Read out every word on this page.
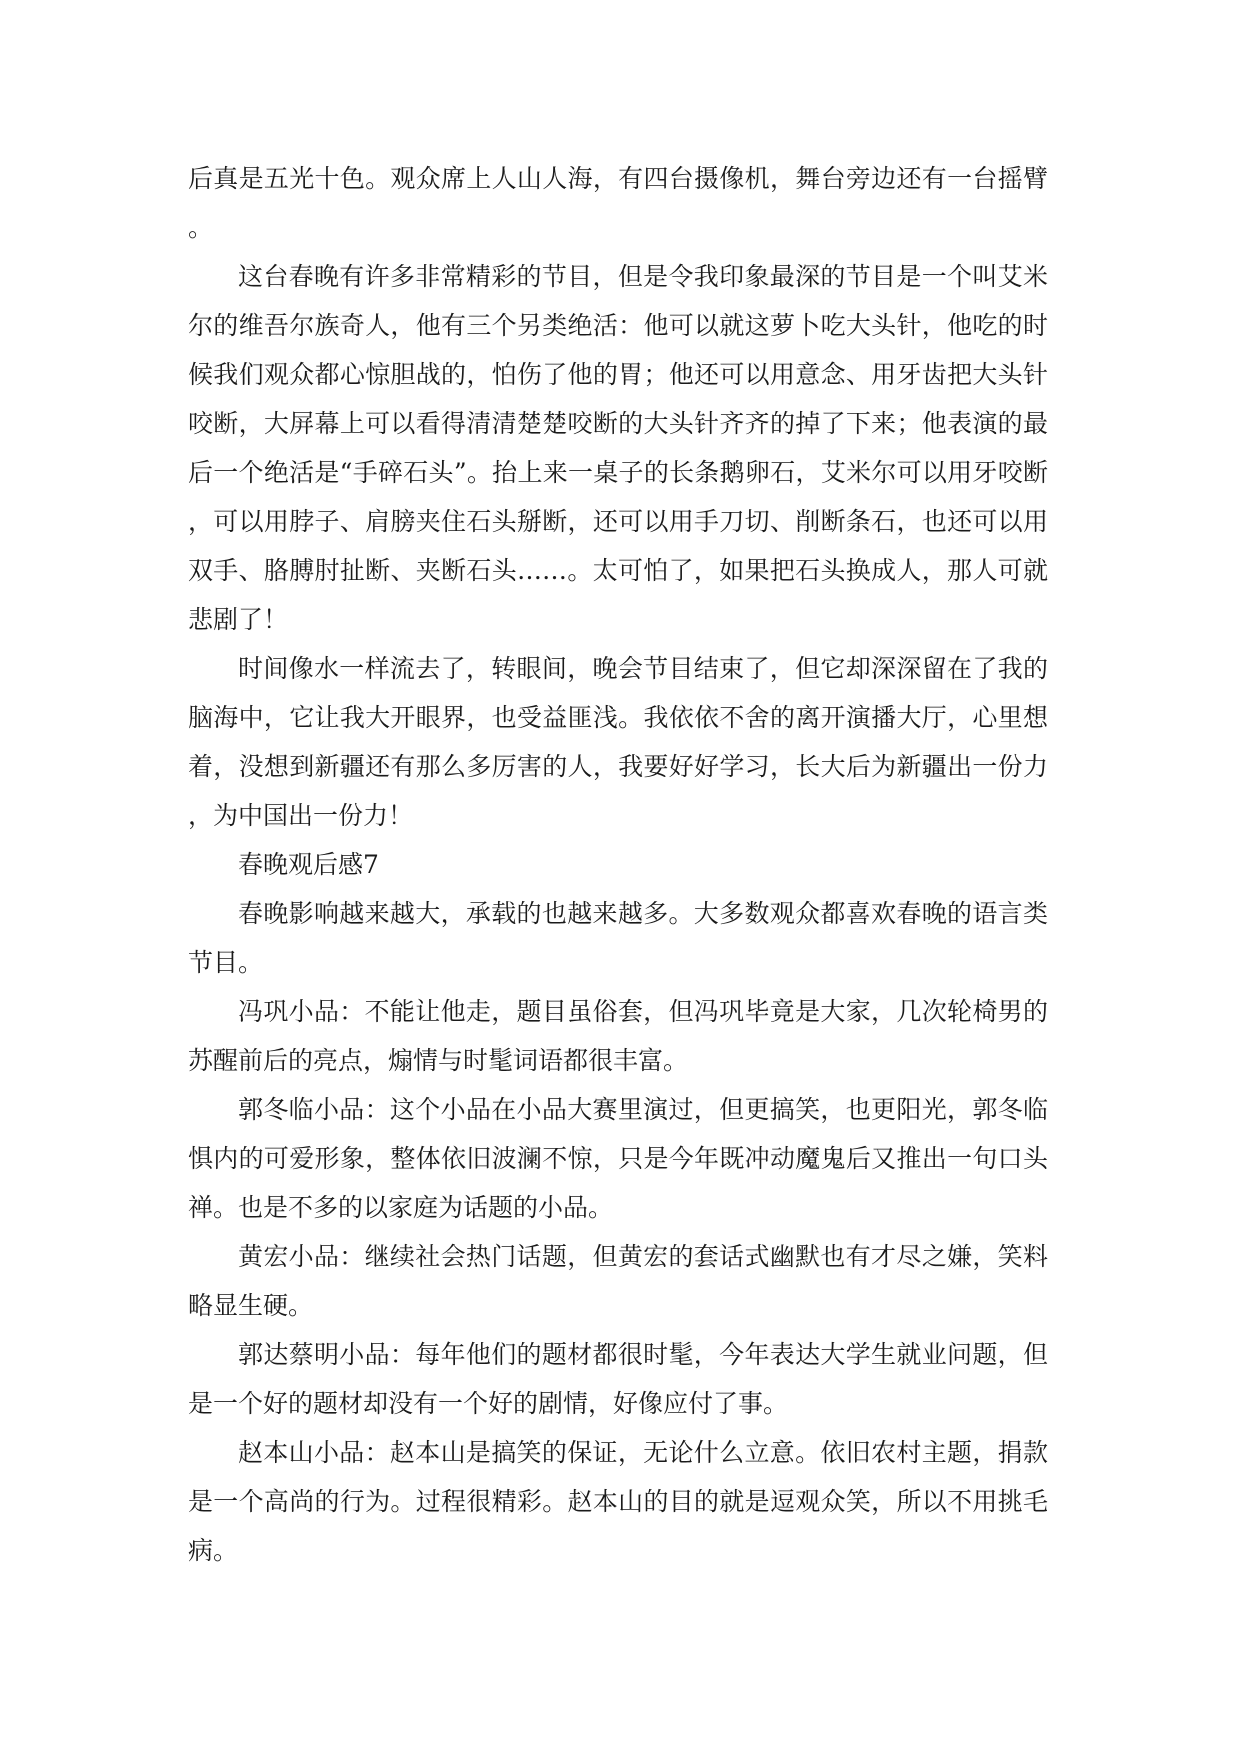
后真是五光十色。观众席上人山人海，有四台摄像机，舞台旁边还有一台摇臂。

这台春晚有许多非常精彩的节目，但是令我印象最深的节目是一个叫艾米尔的维吾尔族奇人，他有三个另类绝活：他可以就这萝卜吃大头针，他吃的时候我们观众都心惊胆战的，怕伤了他的胃；他还可以用意念、用牙齿把大头针咬断，大屏幕上可以看得清清楚楚咬断的大头针齐齐的掉了下来；他表演的最后一个绝活是“手碎石头”。抬上来一桌子的长条鹅卵石，艾米尔可以用牙咬断，可以用脖子、肩膀夹住石头掰断，还可以用手刀切、削断条石，也还可以用双手、胳膊肘扯断、夹断石头……。太可怕了，如果把石头换成人，那人可就悲剧了！

时间像水一样流去了，转眼间，晚会节目结束了，但它却深深留在了我的脑海中，它让我大开眼界，也受益匪浅。我依依不舍的离开演播大厅，心里想着，没想到新疆还有那么多厉害的人，我要好好学习，长大后为新疆出一份力，为中国出一份力！

春晚观后感7

春晚影响越来越大，承载的也越来越多。大多数观众都喜欢春晚的语言类节目。

冯巩小品：不能让他走，题目虽俗套，但冯巩毕竟是大家，几次轮椅男的苏醒前后的亮点，煽情与时髦词语都很丰富。

郭冬临小品：这个小品在小品大赛里演过，但更搞笑，也更阳光，郭冬临惧内的可爱形象，整体依旧波澜不惊，只是今年既冲动魔鬼后又推出一句口头禅。也是不多的以家庭为话题的小品。

黄宏小品：继续社会热门话题，但黄宏的套话式幽默也有才尽之嫌，笑料略显生硬。

郭达蔡明小品：每年他们的题材都很时髦，今年表达大学生就业问题，但是一个好的题材却没有一个好的剧情，好像应付了事。

赵本山小品：赵本山是搞笑的保证，无论什么立意。依旧农村主题，捐款是一个高尚的行为。过程很精彩。赵本山的目的就是逗观众笑，所以不用挑毛病。
